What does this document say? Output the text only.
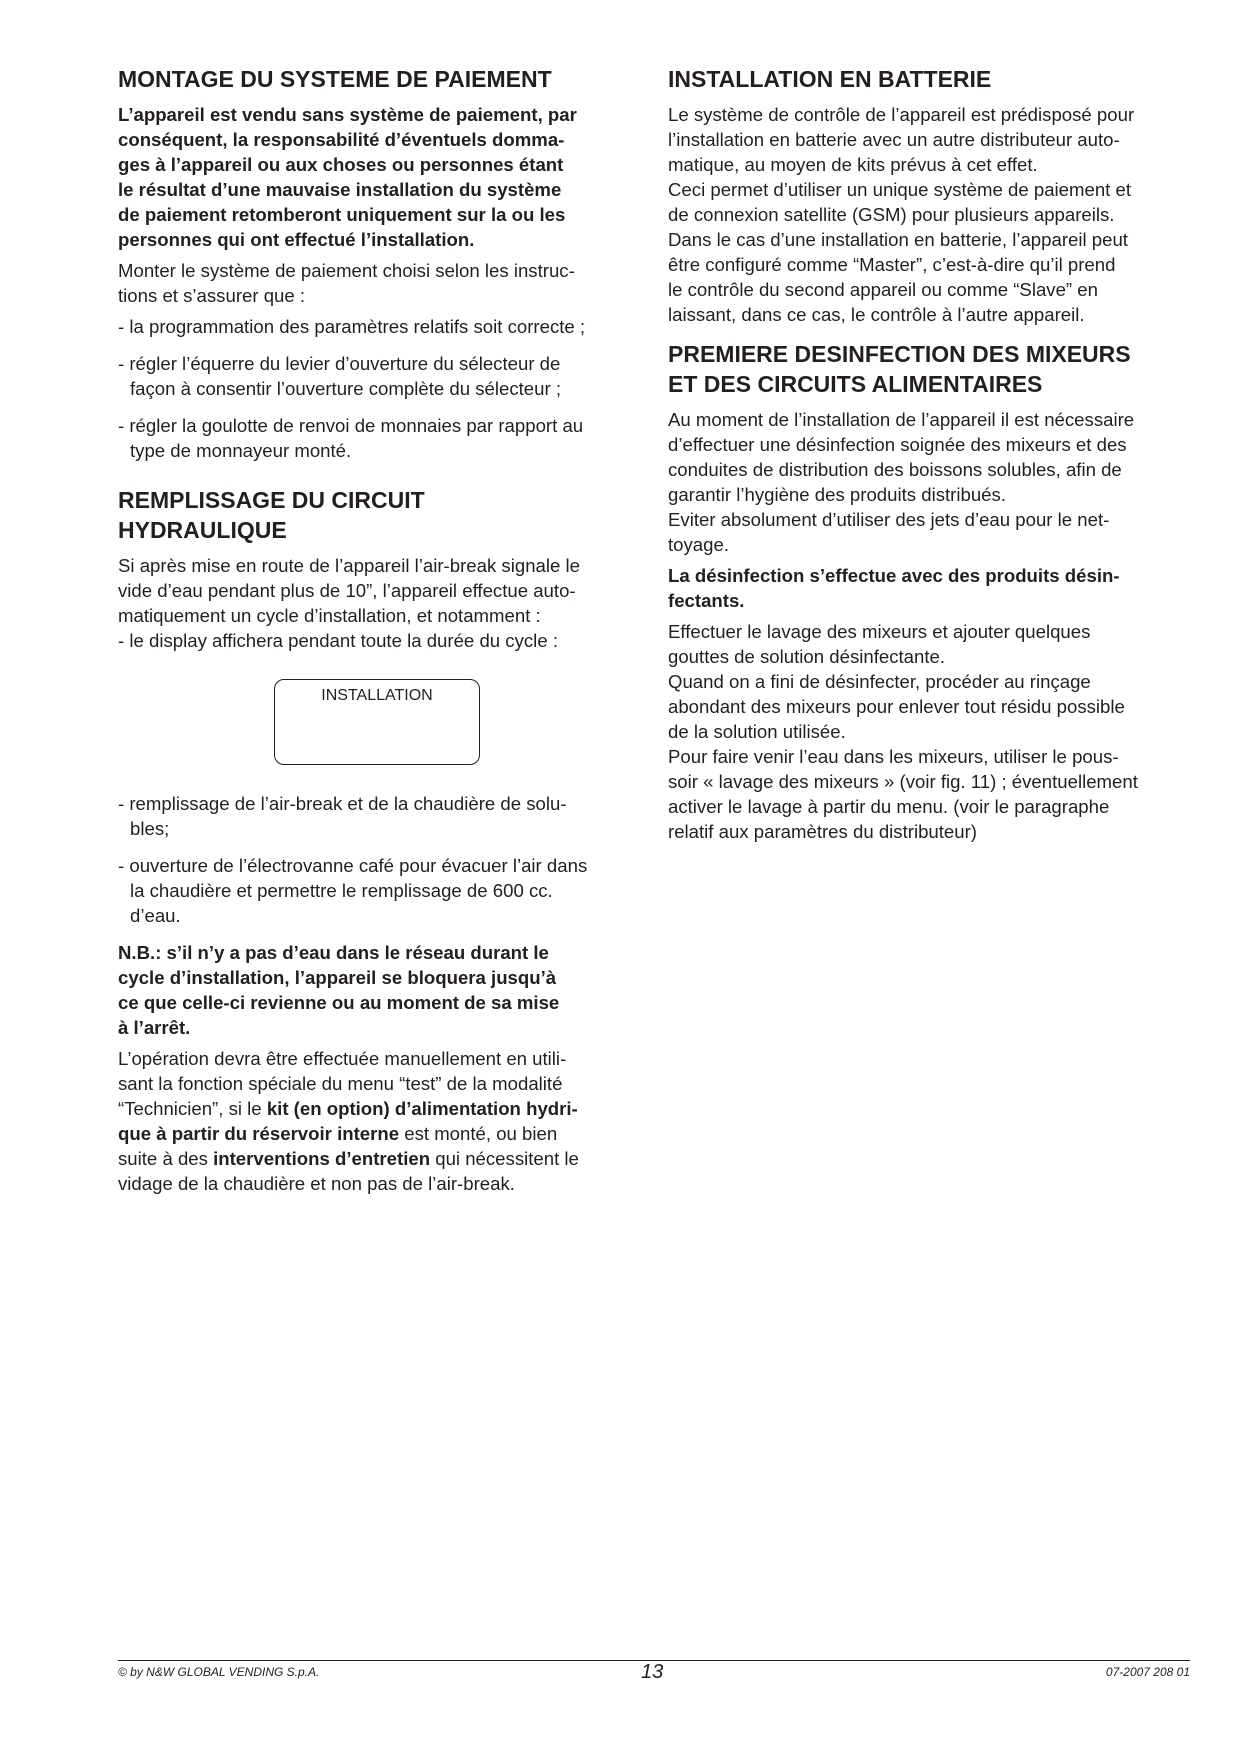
MONTAGE DU SYSTEME DE PAIEMENT

L’appareil est vendu sans système de paiement, par
conséquent, la responsabilité d’éventuels domma-
ges à l’appareil ou aux choses ou personnes étant
le résultat d’une mauvaise installation du système
de paiement retomberont uniquement sur la ou les
personnes qui ont effectué l’installation.

Monter le système de paiement choisi selon les instruc-
tions et s’assurer que :

- la programmation des paramètres relatifs soit correcte ;
- régler l’équerre du levier d’ouverture du sélecteur de
façon à consentir l’ouverture complète du sélecteur ;
- régler la goulotte de renvoi de monnaies par rapport au
type de monnayeur monté.
REMPLISSAGE DU CIRCUIT
HYDRAULIQUE

Si après mise en route de l’appareil l’air-break signale le
vide d’eau pendant plus de 10”, l’appareil effectue auto-
matiquement un cycle d’installation, et notamment :
- le display affichera pendant toute la durée du cycle :

INSTALLATION
- remplissage de l’air-break et de la chaudière de solu-
bles;
- ouverture de l’électrovanne café pour évacuer l’air dans
la chaudière et permettre le remplissage de 600 cc.
d’eau.

N.B.: s’il n’y a pas d’eau dans le réseau durant le
cycle d’installation, l’appareil se bloquera jusqu’à
ce que celle-ci revienne ou au moment de sa mise
à l’arrêt.

L’opération devra être effectuée manuellement en utili-
sant la fonction spéciale du menu “test” de la modalité
“Technicien”, si le kit (en option) d’alimentation hydri-
que à partir du réservoir interne est monté, ou bien
suite à des interventions d’entretien qui nécessitent le
vidage de la chaudière et non pas de l’air-break.

INSTALLATION EN BATTERIE

Le système de contrôle de l’appareil est prédisposé pour
l’installation en batterie avec un autre distributeur auto-
matique, au moyen de kits prévus à cet effet.
Ceci permet d’utiliser un unique système de paiement et
de connexion satellite (GSM) pour plusieurs appareils.
Dans le cas d’une installation en batterie, l’appareil peut
être configuré comme “Master”, c’est-à-dire qu’il prend
le contrôle du second appareil ou comme “Slave” en
laissant, dans ce cas, le contrôle à l’autre appareil.

PREMIERE DESINFECTION DES MIXEURS
ET DES CIRCUITS ALIMENTAIRES

Au moment de l’installation de l’appareil il est nécessaire
d’effectuer une désinfection soignée des mixeurs et des
conduites de distribution des boissons solubles, afin de
garantir l’hygiène des produits distribués.
Eviter absolument d’utiliser des jets d’eau pour le net-
toyage.

La désinfection s’effectue avec des produits désin-
fectants.

Effectuer le lavage des mixeurs et ajouter quelques
gouttes de solution désinfectante.
Quand on a fini de désinfecter, procéder au rinçage
abondant des mixeurs pour enlever tout résidu possible
de la solution utilisée.
Pour faire venir l’eau dans les mixeurs, utiliser le pous-
soir « lavage des mixeurs » (voir fig. 11) ; éventuellement
activer le lavage à partir du menu. (voir le paragraphe
relatif aux paramètres du distributeur)

© by N&W GLOBAL VENDING S.p.A.	13	07-2007 208 01
